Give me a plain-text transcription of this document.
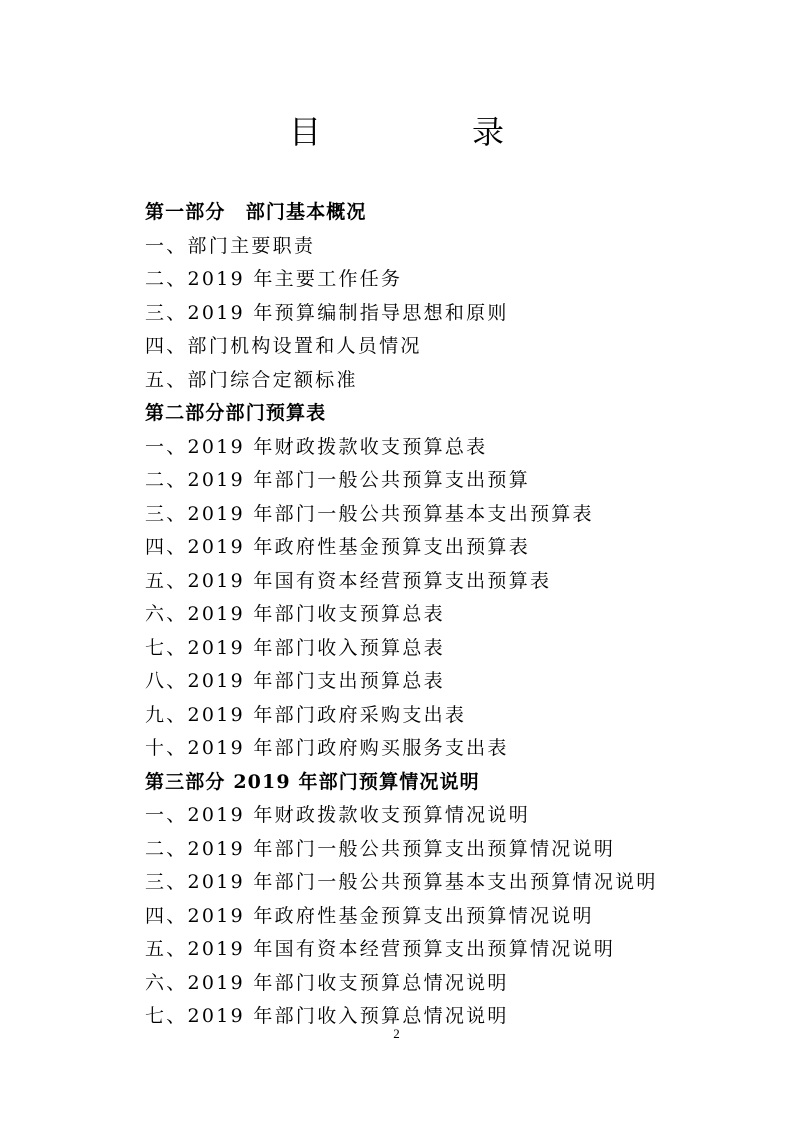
目 录
第一部分　部门基本概况
一、部门主要职责
二、2019 年主要工作任务
三、2019 年预算编制指导思想和原则
四、部门机构设置和人员情况
五、部门综合定额标准
第二部分部门预算表
一、2019 年财政拨款收支预算总表
二、2019 年部门一般公共预算支出预算
三、2019 年部门一般公共预算基本支出预算表
四、2019 年政府性基金预算支出预算表
五、2019 年国有资本经营预算支出预算表
六、2019 年部门收支预算总表
七、2019 年部门收入预算总表
八、2019 年部门支出预算总表
九、2019 年部门政府采购支出表
十、2019 年部门政府购买服务支出表
第三部分 2019 年部门预算情况说明
一、2019 年财政拨款收支预算情况说明
二、2019 年部门一般公共预算支出预算情况说明
三、2019 年部门一般公共预算基本支出预算情况说明
四、2019 年政府性基金预算支出预算情况说明
五、2019 年国有资本经营预算支出预算情况说明
六、2019 年部门收支预算总情况说明
七、2019 年部门收入预算总情况说明
2
